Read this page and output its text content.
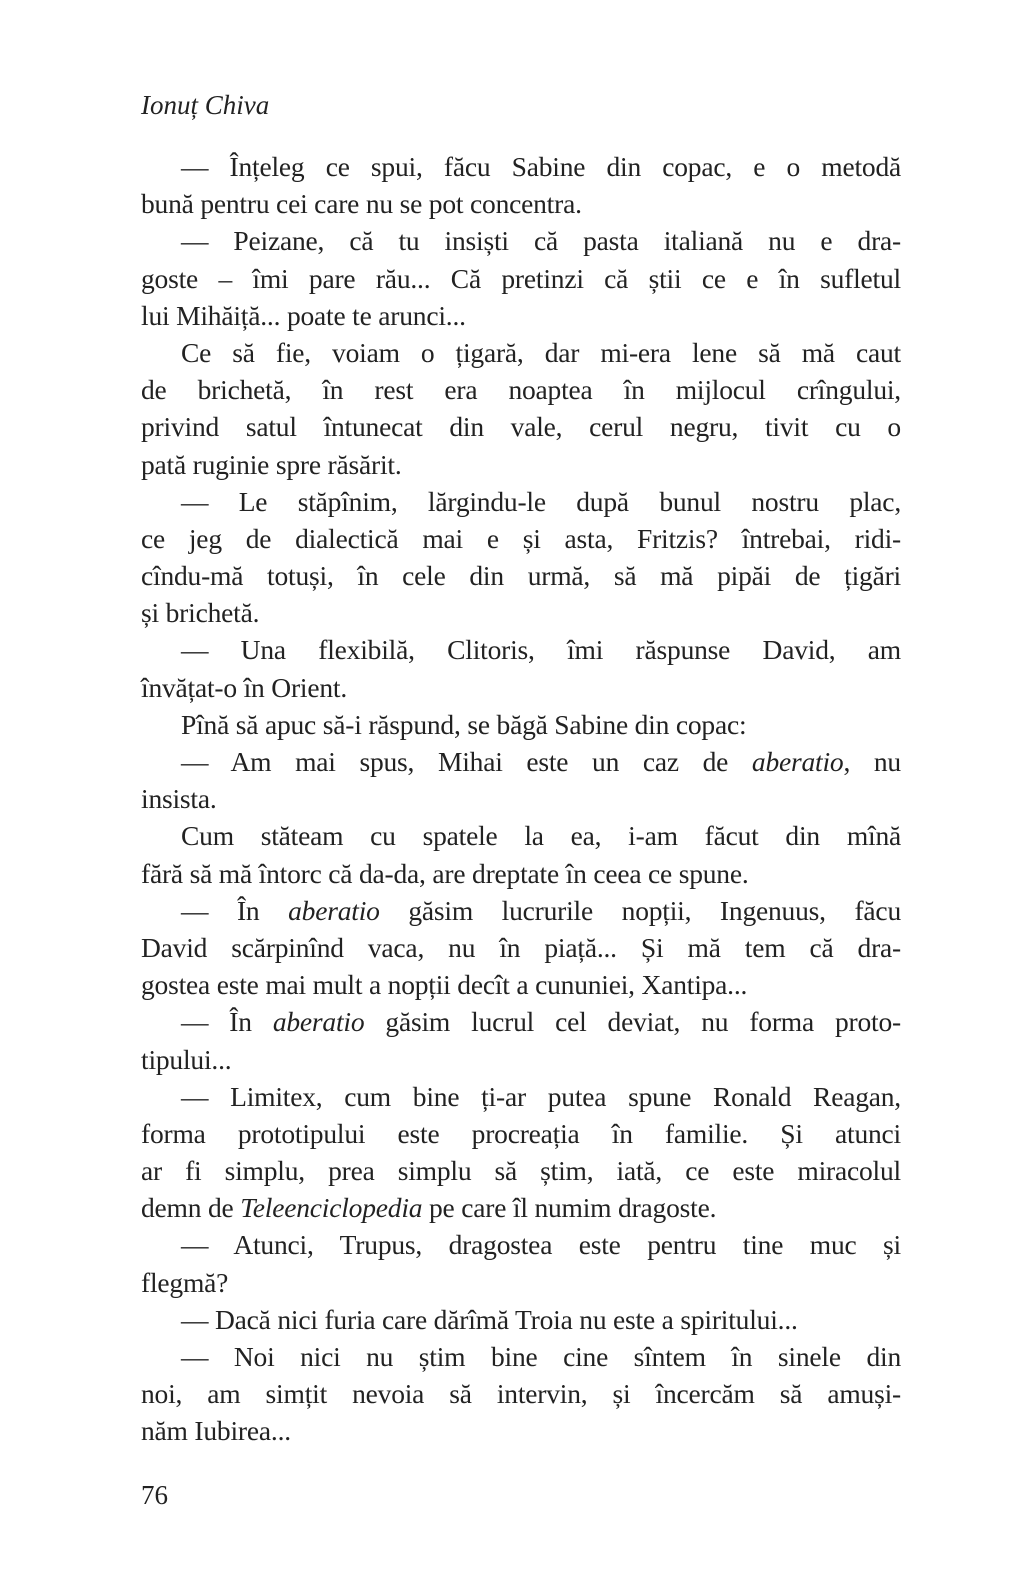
Ionuț Chiva
— Înțeleg ce spui, făcu Sabine din copac, e o metodă
bună pentru cei care nu se pot concentra.
— Peizane, că tu insiști că pasta italiană nu e dra-
goste – îmi pare rău... Că pretinzi că știi ce e în sufletul
lui Mihăiță... poate te arunci...
Ce să fie, voiam o țigară, dar mi-era lene să mă caut
de brichetă, în rest era noaptea în mijlocul crîngului,
privind satul întunecat din vale, cerul negru, tivit cu o
pată ruginie spre răsărit.
— Le stăpînim, lărgindu-le după bunul nostru plac,
ce jeg de dialectică mai e și asta, Fritzis? întrebai, ridi-
cîndu-mă totuși, în cele din urmă, să mă pipăi de țigări
și brichetă.
— Una flexibilă, Clitoris, îmi răspunse David, am
învățat-o în Orient.
Pînă să apuc să-i răspund, se băgă Sabine din copac:
— Am mai spus, Mihai este un caz de aberatio, nu
insista.
Cum stăteam cu spatele la ea, i-am făcut din mînă
fără să mă întorc că da-da, are dreptate în ceea ce spune.
— În aberatio găsim lucrurile nopții, Ingenuus, făcu
David scărpinînd vaca, nu în piață... Și mă tem că dra-
gostea este mai mult a nopții decît a cununiei, Xantipa...
— În aberatio găsim lucrul cel deviat, nu forma proto-
tipului...
— Limitex, cum bine ți-ar putea spune Ronald Reagan,
forma prototipului este procreația în familie. Și atunci
ar fi simplu, prea simplu să știm, iată, ce este miracolul
demn de Teleenciclopedia pe care îl numim dragoste.
— Atunci, Trupus, dragostea este pentru tine muc și
flegmă?
— Dacă nici furia care dărîmă Troia nu este a spiritului...
— Noi nici nu știm bine cine sîntem în sinele din
noi, am simțit nevoia să intervin, și încercăm să amuși-
năm Iubirea...
76
